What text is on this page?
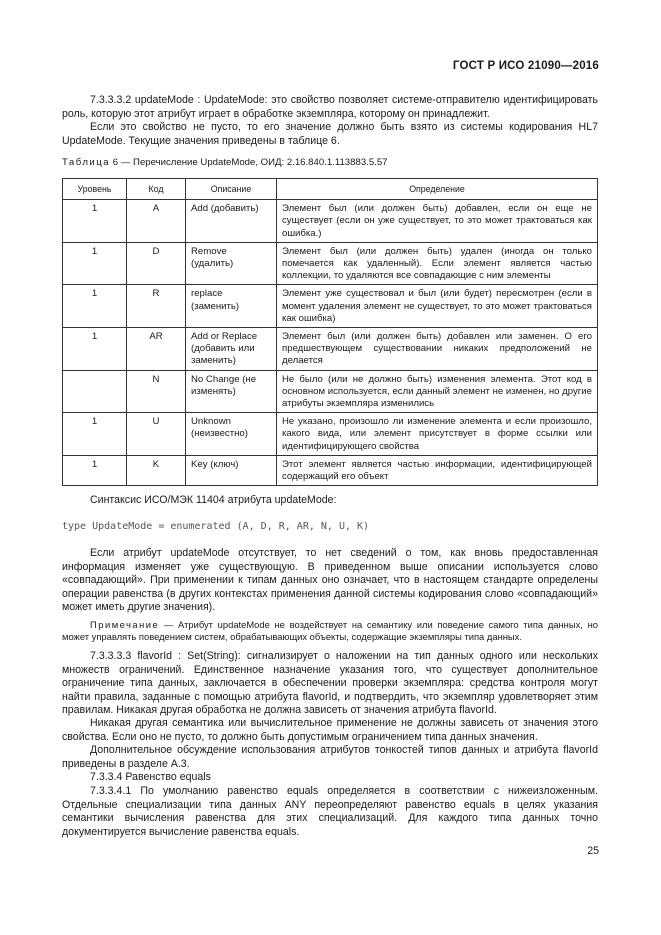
ГОСТ Р ИСО 21090—2016

7.3.3.3.2 updateMode : UpdateMode: это свойство позволяет системе-отправителю идентифицировать роль, которую этот атрибут играет в обработке экземпляра, которому он принадлежит.

Если это свойство не пусто, то его значение должно быть взято из системы кодирования HL7 UpdateMode. Текущие значения приведены в таблице 6.

Таблица 6 — Перечисление UpdateMode, ОИД: 2.16.840.1.113883.5.57
Уровень	Код	Описание	Определение
1	A	Add (добавить)	Элемент был (или должен быть) добавлен, если он еще не существует (если он уже существует, то это может трактоваться как ошибка.)
1	D	Remove (удалить)	Элемент был (или должен быть) удален (иногда он только помечается как удаленный). Если элемент является частью коллекции, то удаляются все совпадающие с ним элементы
1	R	replace (заменить)	Элемент уже существовал и был (или будет) пересмотрен (если в момент удаления элемент не существует, то это может трактоваться как ошибка)
1	AR	Add or Replace (добавить или заменить)	Элемент был (или должен быть) добавлен или заменен. О его предшествующем существовании никаких предположений не делается
	N	No Change (не изменять)	Не было (или не должно быть) изменения элемента. Этот код в основном используется, если данный элемент не изменен, но другие атрибуты экземпляра изменились
1	U	Unknown (неизвестно)	Не указано, произошло ли изменение элемента и если произошло, какого вида, или элемент присутствует в форме ссылки или идентифицирующего свойства
1	K	Key (ключ)	Этот элемент является частью информации, идентифицирующей содержащий его объект

Синтаксис ИСО/МЭК 11404 атрибута updateMode:

type UpdateMode = enumerated (A, D, R, AR, N, U, K)

Если атрибут updateMode отсутствует, то нет сведений о том, как вновь предоставленная информация изменяет уже существующую. В приведенном выше описании используется слово «совпадающий». При применении к типам данных оно означает, что в настоящем стандарте определены операции равенства (в других контекстах применения данной системы кодирования слово «совпадающий» может иметь другие значения).

Примечание — Атрибут updateMode не воздействует на семантику или поведение самого типа данных, но может управлять поведением систем, обрабатывающих объекты, содержащие экземпляры типа данных.

7.3.3.3.3 flavorId : Set(String): сигнализирует о наложении на тип данных одного или нескольких множеств ограничений. Единственное назначение указания того, что существует дополнительное ограничение типа данных, заключается в обеспечении проверки экземпляра: средства контроля могут найти правила, заданные с помощью атрибута flavorId, и подтвердить, что экземпляр удовлетворяет этим правилам. Никакая другая обработка не должна зависеть от значения атрибута flavorId.

Никакая другая семантика или вычислительное применение не должны зависеть от значения этого свойства. Если оно не пусто, то должно быть допустимым ограничением типа данных значения.

Дополнительное обсуждение использования атрибутов тонкостей типов данных и атрибута flavorId приведены в разделе А.3.

7.3.3.4 Равенство equals

7.3.3.4.1 По умолчанию равенство equals определяется в соответствии с нижеизложенным. Отдельные специализации типа данных ANY переопределяют равенство equals в целях указания семантики вычисления равенства для этих специализаций. Для каждого типа данных точно документируется вычисление равенства equals.

25
